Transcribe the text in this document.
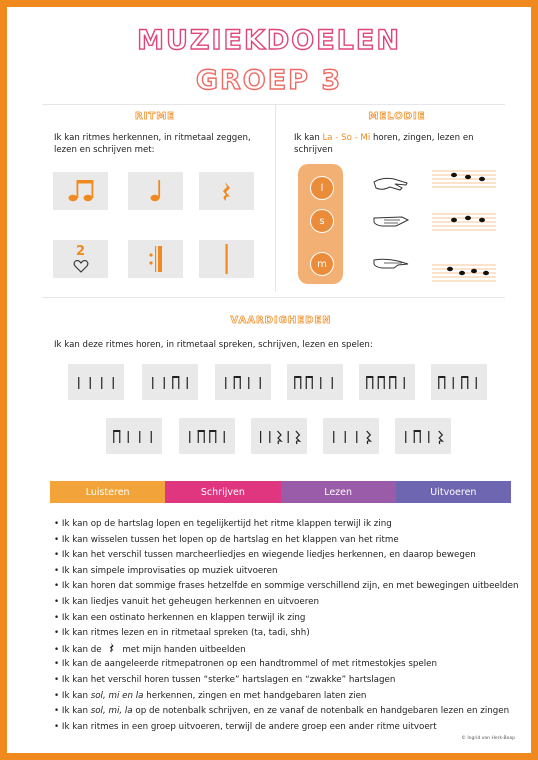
MUZIEKDOELEN
GROEP 3
RITME
Ik kan ritmes herkennen, in ritmetaal zeggen, lezen en schrijven met:
2
MELODIE
Ik kan La - So - Mi horen, zingen, lezen en schrijven
l
s
m
VAARDIGHEDEN
Ik kan deze ritmes horen, in ritmetaal spreken, schrijven, lezen en spelen:
Luisteren	Schrijven	Lezen	Uitvoeren
• Ik kan op de hartslag lopen en tegelijkertijd het ritme klappen terwijl ik zing
• Ik kan wisselen tussen het lopen op de hartslag en het klappen van het ritme
• Ik kan het verschil tussen marcheerliedjes en wiegende liedjes herkennen, en daarop bewegen
• Ik kan simpele improvisaties op muziek uitvoeren
• Ik kan horen dat sommige frases hetzelfde en sommige verschillend zijn, en met bewegingen uitbeelden
• Ik kan liedjes vanuit het geheugen herkennen en uitvoeren
• Ik kan een ostinato herkennen en klappen terwijl ik zing
• Ik kan ritmes lezen en in ritmetaal spreken (ta, tadi, shh)
• Ik kan de met mijn handen uitbeelden
• Ik kan de aangeleerde ritmepatronen op een handtrommel of met ritmestokjes spelen
• Ik kan het verschil horen tussen “sterke” hartslagen en “zwakke” hartslagen
• Ik kan sol, mi en la herkennen, zingen en met handgebaren laten zien
• Ik kan sol, mi, la op de notenbalk schrijven, en ze vanaf de notenbalk en handgebaren lezen en zingen
• Ik kan ritmes in een groep uitvoeren, terwijl de andere groep een ander ritme uitvoert
© Ingrid van Herk-Boap
